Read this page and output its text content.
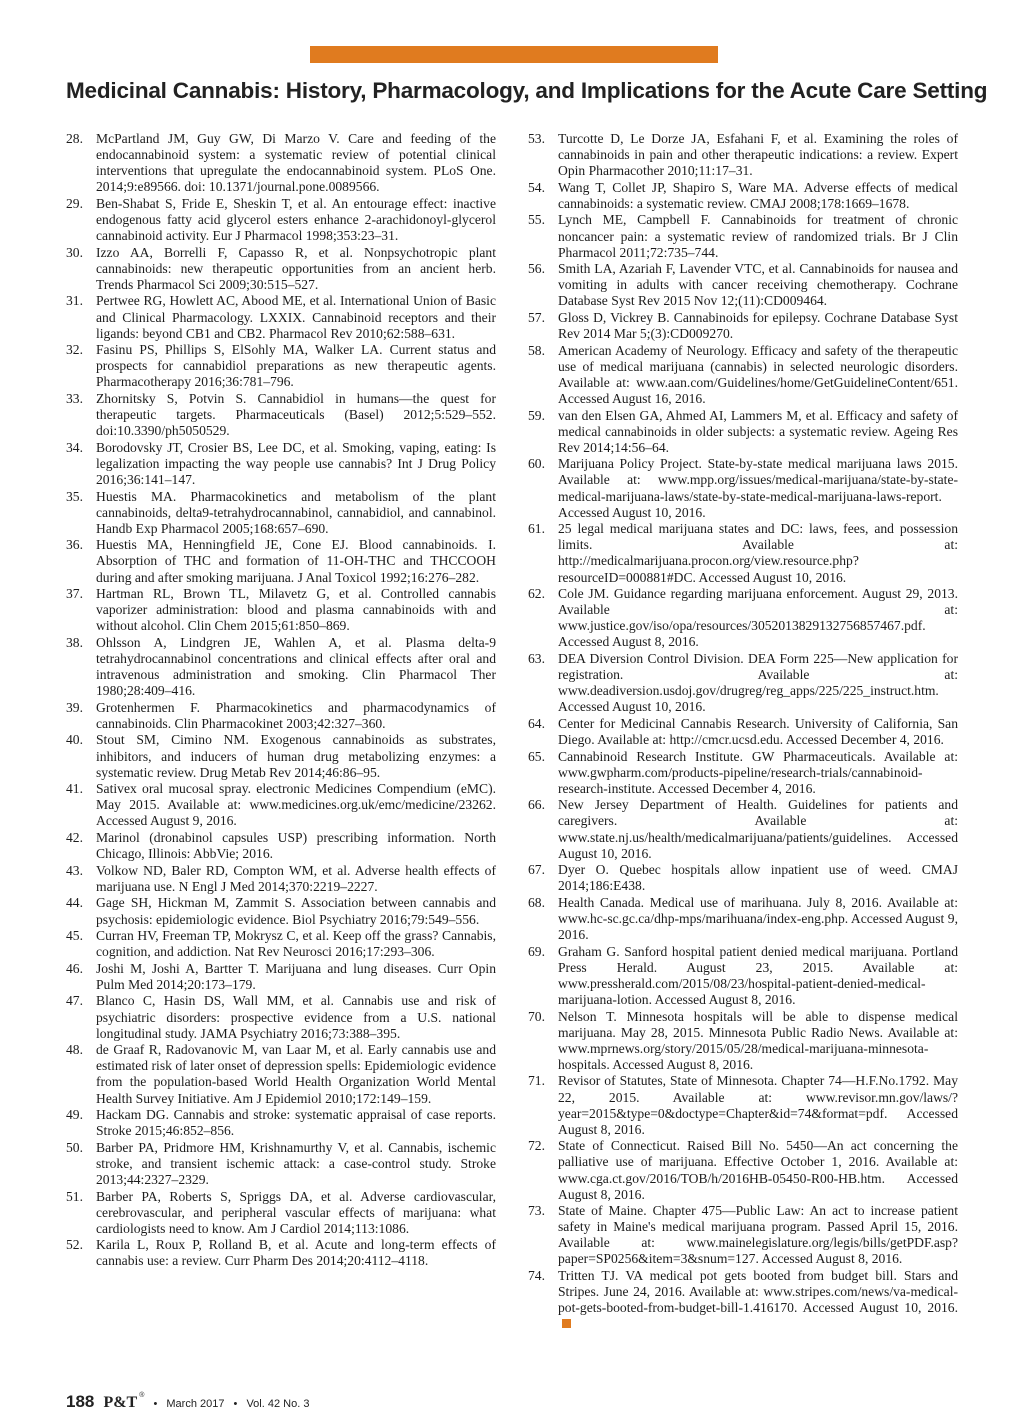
Medicinal Cannabis: History, Pharmacology, and Implications for the Acute Care Setting
28. McPartland JM, Guy GW, Di Marzo V. Care and feeding of the endocannabinoid system: a systematic review of potential clinical interventions that upregulate the endocannabinoid system. PLoS One. 2014;9:e89566. doi: 10.1371/journal.pone.0089566.
29. Ben-Shabat S, Fride E, Sheskin T, et al. An entourage effect: inactive endogenous fatty acid glycerol esters enhance 2-arachidonoyl-glycerol cannabinoid activity. Eur J Pharmacol 1998;353:23–31.
30. Izzo AA, Borrelli F, Capasso R, et al. Nonpsychotropic plant cannabinoids: new therapeutic opportunities from an ancient herb. Trends Pharmacol Sci 2009;30:515–527.
31. Pertwee RG, Howlett AC, Abood ME, et al. International Union of Basic and Clinical Pharmacology. LXXIX. Cannabinoid receptors and their ligands: beyond CB1 and CB2. Pharmacol Rev 2010;62:588–631.
32. Fasinu PS, Phillips S, ElSohly MA, Walker LA. Current status and prospects for cannabidiol preparations as new therapeutic agents. Pharmacotherapy 2016;36:781–796.
33. Zhornitsky S, Potvin S. Cannabidiol in humans—the quest for therapeutic targets. Pharmaceuticals (Basel) 2012;5:529–552. doi:10.3390/ph5050529.
34. Borodovsky JT, Crosier BS, Lee DC, et al. Smoking, vaping, eating: Is legalization impacting the way people use cannabis? Int J Drug Policy 2016;36:141–147.
35. Huestis MA. Pharmacokinetics and metabolism of the plant cannabinoids, delta9-tetrahydrocannabinol, cannabidiol, and cannabinol. Handb Exp Pharmacol 2005;168:657–690.
36. Huestis MA, Henningfield JE, Cone EJ. Blood cannabinoids. I. Absorption of THC and formation of 11-OH-THC and THCCOOH during and after smoking marijuana. J Anal Toxicol 1992;16:276–282.
37. Hartman RL, Brown TL, Milavetz G, et al. Controlled cannabis vaporizer administration: blood and plasma cannabinoids with and without alcohol. Clin Chem 2015;61:850–869.
38. Ohlsson A, Lindgren JE, Wahlen A, et al. Plasma delta-9 tetrahydrocannabinol concentrations and clinical effects after oral and intravenous administration and smoking. Clin Pharmacol Ther 1980;28:409–416.
39. Grotenhermen F. Pharmacokinetics and pharmacodynamics of cannabinoids. Clin Pharmacokinet 2003;42:327–360.
40. Stout SM, Cimino NM. Exogenous cannabinoids as substrates, inhibitors, and inducers of human drug metabolizing enzymes: a systematic review. Drug Metab Rev 2014;46:86–95.
41. Sativex oral mucosal spray. electronic Medicines Compendium (eMC). May 2015. Available at: www.medicines.org.uk/emc/medicine/23262. Accessed August 9, 2016.
42. Marinol (dronabinol capsules USP) prescribing information. North Chicago, Illinois: AbbVie; 2016.
43. Volkow ND, Baler RD, Compton WM, et al. Adverse health effects of marijuana use. N Engl J Med 2014;370:2219–2227.
44. Gage SH, Hickman M, Zammit S. Association between cannabis and psychosis: epidemiologic evidence. Biol Psychiatry 2016;79:549–556.
45. Curran HV, Freeman TP, Mokrysz C, et al. Keep off the grass? Cannabis, cognition, and addiction. Nat Rev Neurosci 2016;17:293–306.
46. Joshi M, Joshi A, Bartter T. Marijuana and lung diseases. Curr Opin Pulm Med 2014;20:173–179.
47. Blanco C, Hasin DS, Wall MM, et al. Cannabis use and risk of psychiatric disorders: prospective evidence from a U.S. national longitudinal study. JAMA Psychiatry 2016;73:388–395.
48. de Graaf R, Radovanovic M, van Laar M, et al. Early cannabis use and estimated risk of later onset of depression spells: Epidemiologic evidence from the population-based World Health Organization World Mental Health Survey Initiative. Am J Epidemiol 2010;172:149–159.
49. Hackam DG. Cannabis and stroke: systematic appraisal of case reports. Stroke 2015;46:852–856.
50. Barber PA, Pridmore HM, Krishnamurthy V, et al. Cannabis, ischemic stroke, and transient ischemic attack: a case-control study. Stroke 2013;44:2327–2329.
51. Barber PA, Roberts S, Spriggs DA, et al. Adverse cardiovascular, cerebrovascular, and peripheral vascular effects of marijuana: what cardiologists need to know. Am J Cardiol 2014;113:1086.
52. Karila L, Roux P, Rolland B, et al. Acute and long-term effects of cannabis use: a review. Curr Pharm Des 2014;20:4112–4118.
53. Turcotte D, Le Dorze JA, Esfahani F, et al. Examining the roles of cannabinoids in pain and other therapeutic indications: a review. Expert Opin Pharmacother 2010;11:17–31.
54. Wang T, Collet JP, Shapiro S, Ware MA. Adverse effects of medical cannabinoids: a systematic review. CMAJ 2008;178:1669–1678.
55. Lynch ME, Campbell F. Cannabinoids for treatment of chronic noncancer pain: a systematic review of randomized trials. Br J Clin Pharmacol 2011;72:735–744.
56. Smith LA, Azariah F, Lavender VTC, et al. Cannabinoids for nausea and vomiting in adults with cancer receiving chemotherapy. Cochrane Database Syst Rev 2015 Nov 12;(11):CD009464.
57. Gloss D, Vickrey B. Cannabinoids for epilepsy. Cochrane Database Syst Rev 2014 Mar 5;(3):CD009270.
58. American Academy of Neurology. Efficacy and safety of the therapeutic use of medical marijuana (cannabis) in selected neurologic disorders. Available at: www.aan.com/Guidelines/home/GetGuidelineContent/651. Accessed August 16, 2016.
59. van den Elsen GA, Ahmed AI, Lammers M, et al. Efficacy and safety of medical cannabinoids in older subjects: a systematic review. Ageing Res Rev 2014;14:56–64.
60. Marijuana Policy Project. State-by-state medical marijuana laws 2015. Available at: www.mpp.org/issues/medical-marijuana/state-by-state-medical-marijuana-laws/state-by-state-medical-marijuana-laws-report. Accessed August 10, 2016.
61. 25 legal medical marijuana states and DC: laws, fees, and possession limits. Available at: http://medicalmarijuana.procon.org/view.resource.php?resourceID=000881#DC. Accessed August 10, 2016.
62. Cole JM. Guidance regarding marijuana enforcement. August 29, 2013. Available at: www.justice.gov/iso/opa/resources/3052013829132756857467.pdf. Accessed August 8, 2016.
63. DEA Diversion Control Division. DEA Form 225—New application for registration. Available at: www.deadiversion.usdoj.gov/drugreg/reg_apps/225/225_instruct.htm. Accessed August 10, 2016.
64. Center for Medicinal Cannabis Research. University of California, San Diego. Available at: http://cmcr.ucsd.edu. Accessed December 4, 2016.
65. Cannabinoid Research Institute. GW Pharmaceuticals. Available at: www.gwpharm.com/products-pipeline/research-trials/cannabinoid-research-institute. Accessed December 4, 2016.
66. New Jersey Department of Health. Guidelines for patients and caregivers. Available at: www.state.nj.us/health/medicalmarijuana/patients/guidelines. Accessed August 10, 2016.
67. Dyer O. Quebec hospitals allow inpatient use of weed. CMAJ 2014;186:E438.
68. Health Canada. Medical use of marihuana. July 8, 2016. Available at: www.hc-sc.gc.ca/dhp-mps/marihuana/index-eng.php. Accessed August 9, 2016.
69. Graham G. Sanford hospital patient denied medical marijuana. Portland Press Herald. August 23, 2015. Available at: www.pressherald.com/2015/08/23/hospital-patient-denied-medical-marijuana-lotion. Accessed August 8, 2016.
70. Nelson T. Minnesota hospitals will be able to dispense medical marijuana. May 28, 2015. Minnesota Public Radio News. Available at: www.mprnews.org/story/2015/05/28/medical-marijuana-minnesota-hospitals. Accessed August 8, 2016.
71. Revisor of Statutes, State of Minnesota. Chapter 74—H.F.No.1792. May 22, 2015. Available at: www.revisor.mn.gov/laws/?year=2015&type=0&doctype=Chapter&id=74&format=pdf. Accessed August 8, 2016.
72. State of Connecticut. Raised Bill No. 5450—An act concerning the palliative use of marijuana. Effective October 1, 2016. Available at: www.cga.ct.gov/2016/TOB/h/2016HB-05450-R00-HB.htm. Accessed August 8, 2016.
73. State of Maine. Chapter 475—Public Law: An act to increase patient safety in Maine's medical marijuana program. Passed April 15, 2016. Available at: www.mainelegislature.org/legis/bills/getPDF.asp?paper=SP0256&item=3&snum=127. Accessed August 8, 2016.
74. Tritten TJ. VA medical pot gets booted from budget bill. Stars and Stripes. June 24, 2016. Available at: www.stripes.com/news/va-medical-pot-gets-booted-from-budget-bill-1.416170. Accessed August 10, 2016.
188 P&T ® • March 2017 • Vol. 42 No. 3
